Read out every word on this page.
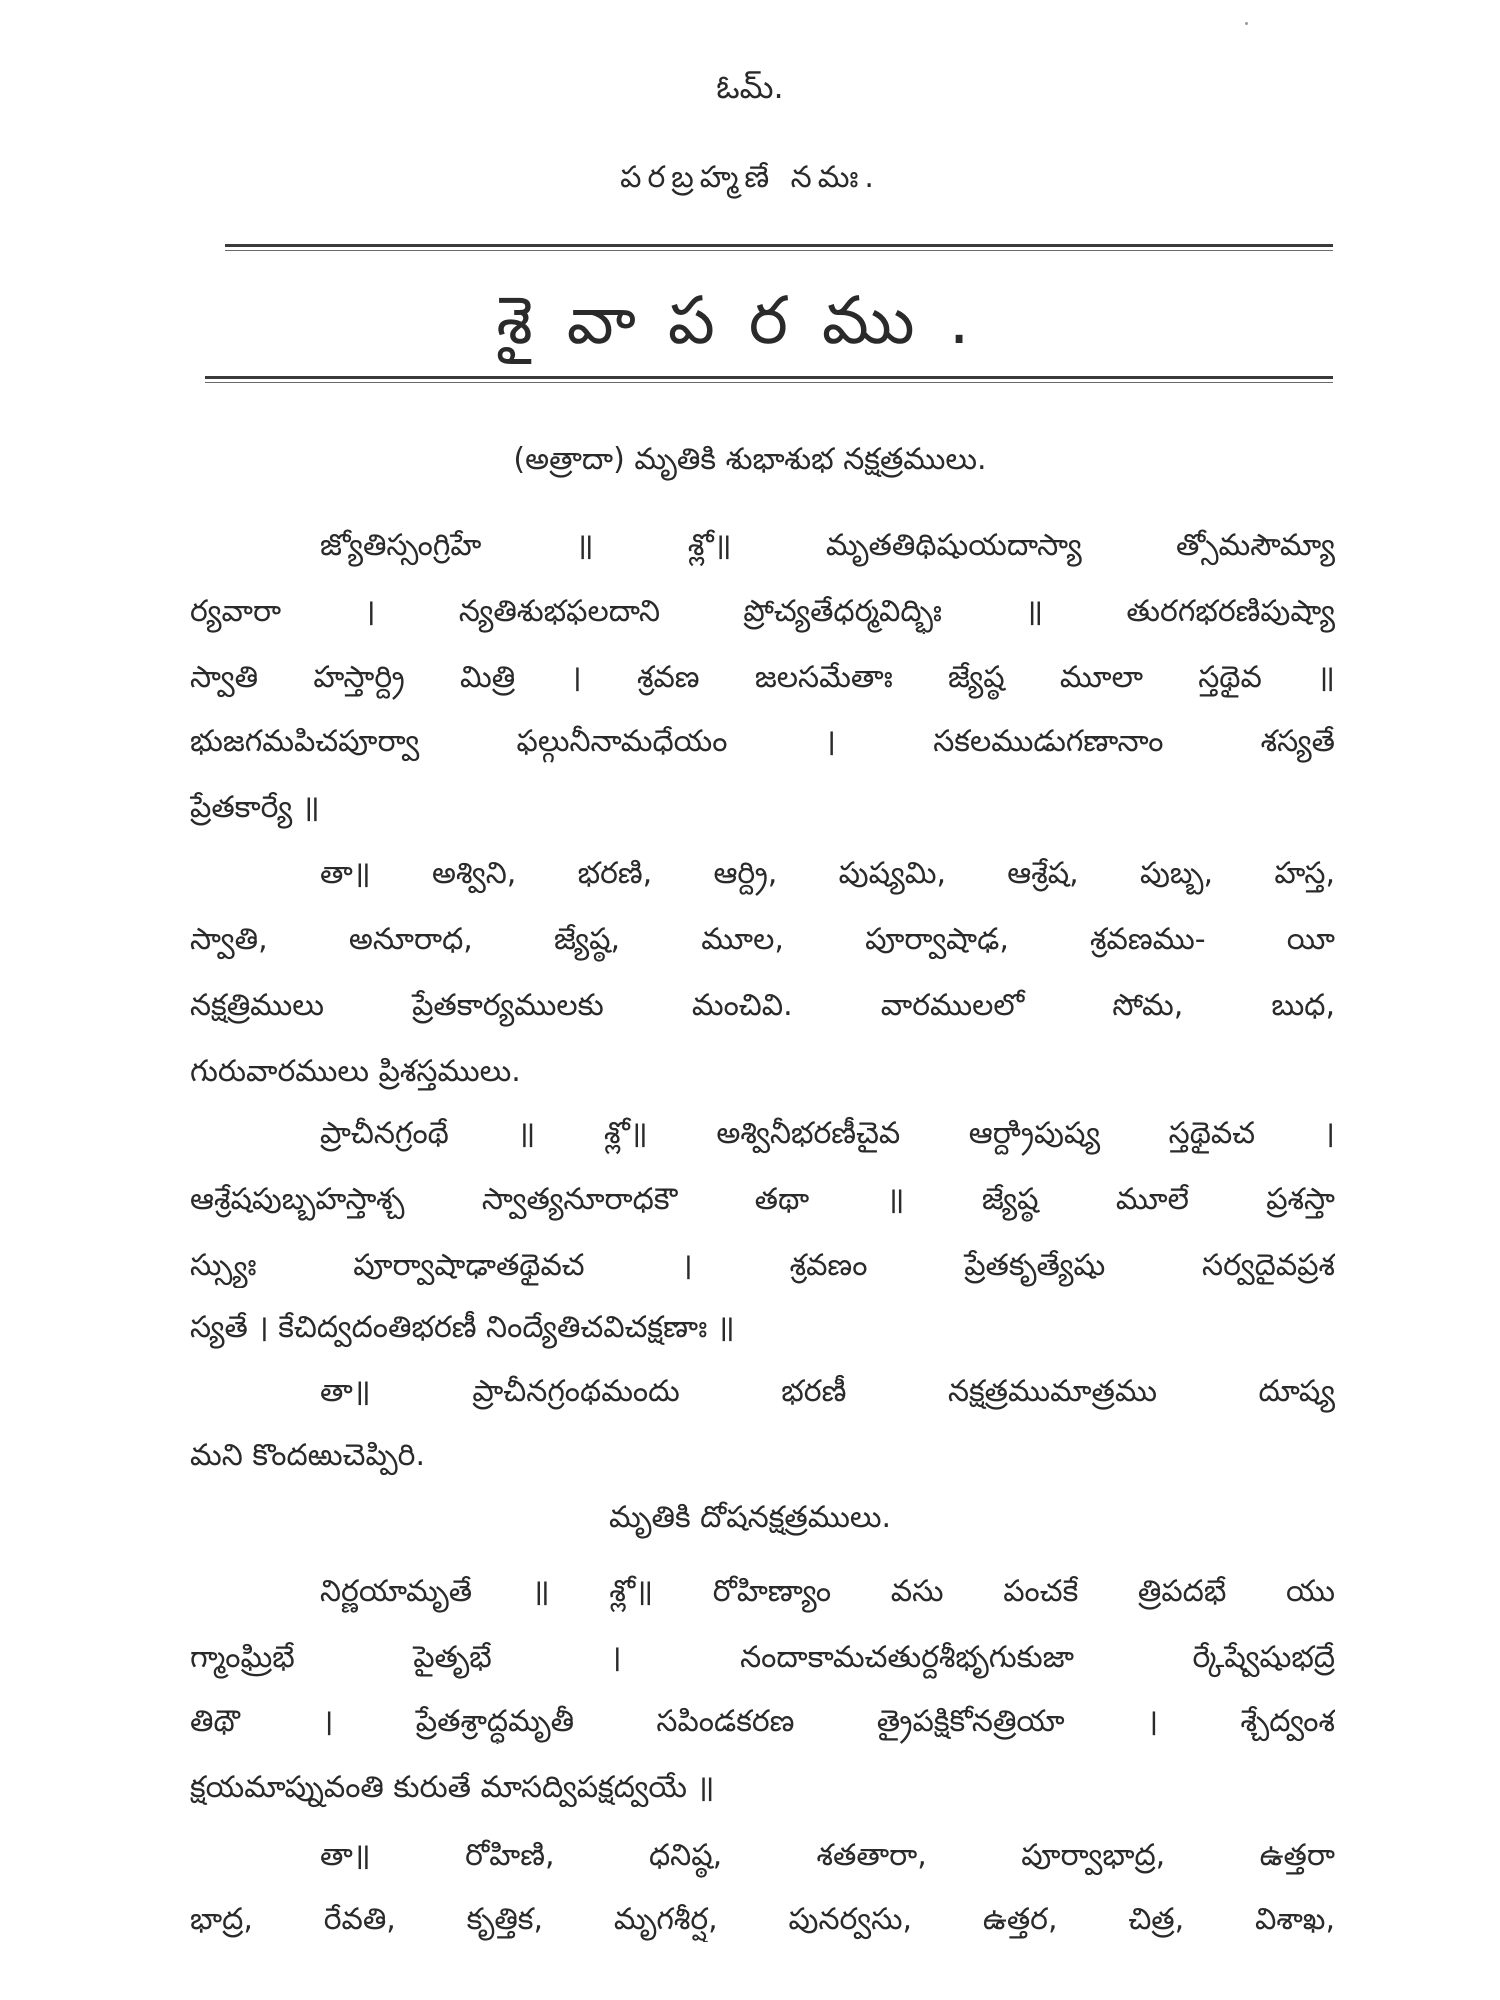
ఓమ్.
పరబ్రహ్మణే నమః.
శైవాపరము.
(అత్రాదా) మృతికి శుభాశుభ నక్షత్రములు.
జ్యోతిస్సంగ్రిహే ॥ శ్లో॥ మృతతిథిషుయదాస్యా త్సోమసౌమ్యా
ర్యవారా । న్యతిశుభఫలదాని ప్రోచ్యతేధర్మవిద్భిః ॥ తురగభరణిపుష్యా
స్వాతి హస్తార్ద్రి మిత్రి । శ్రవణ జలసమేతాః జ్యేష్ఠ మూలా స్తథైవ ॥
భుజగమపిచపూర్వా ఫల్గునీనామధేయం । సకలముడుగణానాం శస్యతే
ప్రేతకార్యే ॥
తా॥ అశ్విని, భరణి, ఆర్ద్రి, పుష్యమి, ఆశ్రేష, పుబ్బ, హస్త,
స్వాతి, అనూరాధ, జ్యేష్ఠ, మూల, పూర్వాషాఢ, శ్రవణము- యీ
నక్షత్రిములు ప్రేతకార్యములకు మంచివి. వారములలో సోమ, బుధ,
గురువారములు ప్రిశస్తములు.
ప్రాచీనగ్రంథే ॥ శ్లో॥ అశ్వినీభరణీచైవ ఆర్ద్రాిపుష్య స్తథైవచ ।
ఆశ్రేషపుబ్బహస్తాశ్చ స్వాత్యనూరాధకౌ తథా ॥ జ్యేష్ఠ మూలే ప్రశస్తా
స్స్యుః పూర్వాషాఢాతథైవచ । శ్రవణం ప్రేతకృత్యేషు సర్వదైవప్రశ
స్యతే । కేచిద్వదంతిభరణీ నింద్యేతిచవిచక్షణాః ॥
తా॥ ప్రాచీనగ్రంథమందు భరణీ నక్షత్రముమాత్రము దూష్య
మని కొందఱుచెప్పిరి.
మృతికి దోషనక్షత్రములు.
నిర్ణయామృతే ॥ శ్లో॥ రోహిణ్యాం వసు పంచకే త్రిపదభే యు
గ్మాంఘ్రిభే పైతృభే । నందాకామచతుర్దశీభృగుకుజా ర్కేష్వేషుభద్రే
తిథౌ । ప్రేతశ్రాద్ధమృతీ సపిండకరణ త్రైపక్షికోనత్రియా । శ్చేద్వంశ
క్షయమాప్నువంతి కురుతే మాసద్విపక్షద్వయే ॥
తా॥ రోహిణి, ధనిష్ఠ, శతతారా, పూర్వాభాద్ర, ఉత్తరా
భాద్ర, రేవతి, కృత్తిక, మృగశీర్ష, పునర్వసు, ఉత్తర, చిత్ర, విశాఖ,
